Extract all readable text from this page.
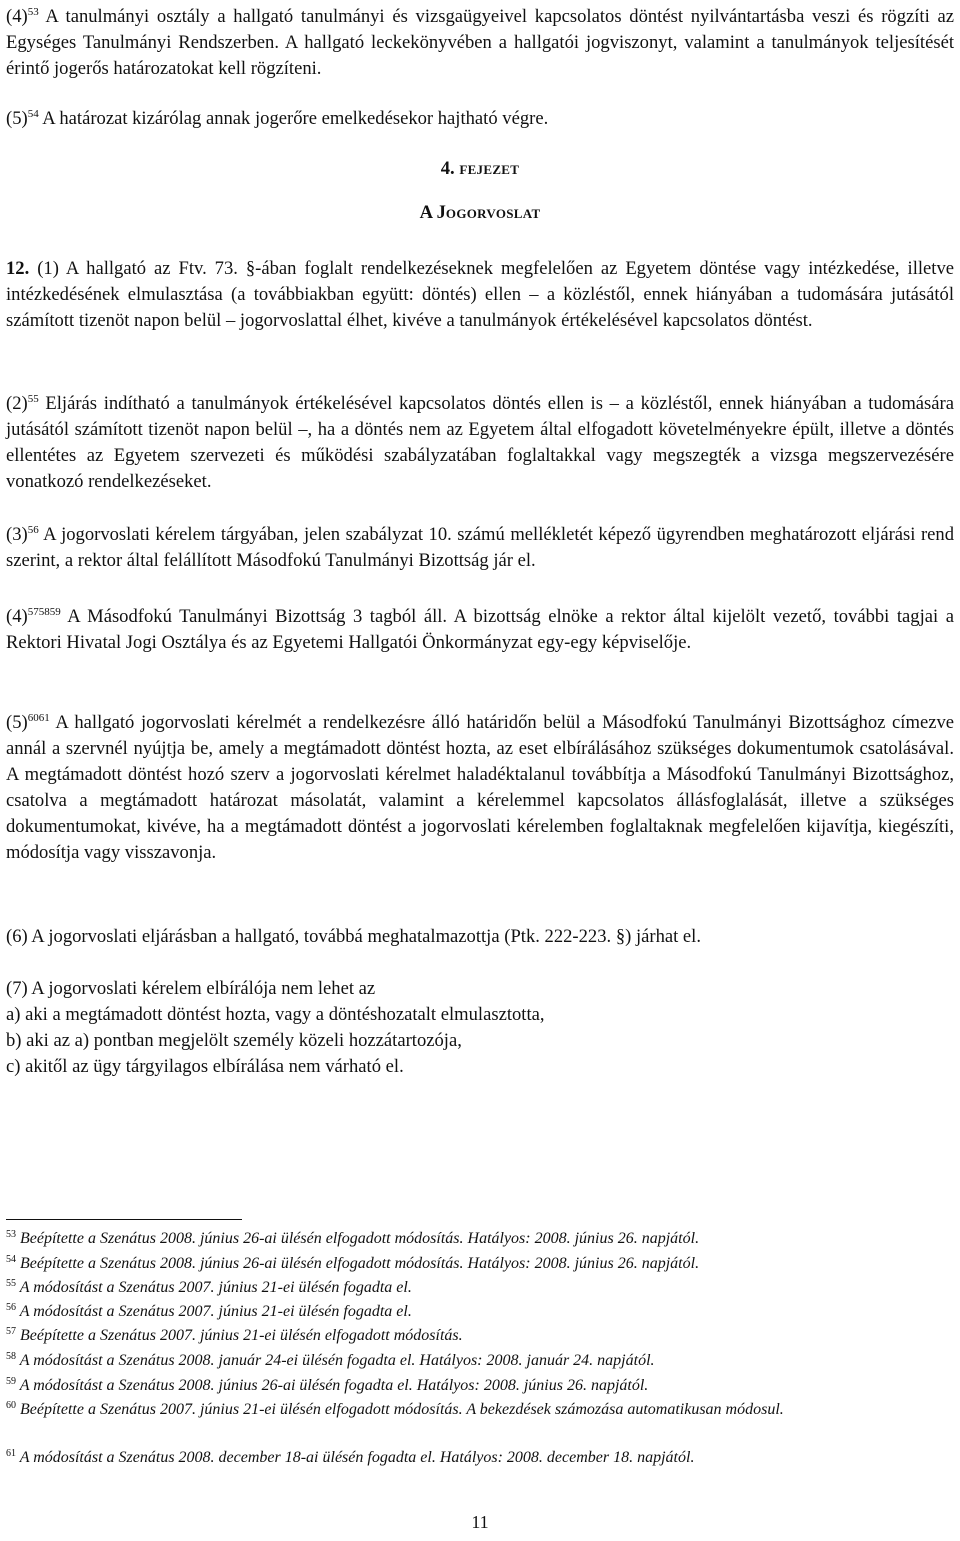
$(4)^{53}$ A tanulmányi osztály a hallgató tanulmányi és vizsgaügyeivel kapcsolatos döntést nyilvántartásba veszi és rögzíti az Egységes Tanulmányi Rendszerben. A hallgató leckekönyvében a hallgatói jogviszonyt, valamint a tanulmányok teljesítését érintő jogerős határozatokat kell rögzíteni.

$(5)^{54}$ A határozat kizárólag annak jogerőre emelkedésekor hajtható végre.

4. FEJEZET
A JOGORVOSLAT

12. (1) A hallgató az Ftv. 73. §-ában foglalt rendelkezéseknek megfelelően az Egyetem döntése vagy intézkedése, illetve intézkedésének elmulasztása (a továbbiakban együtt: döntés) ellen – a közléstől, ennek hiányában a tudomására jutásától számított tizenöt napon belül – jogorvoslattal élhet, kivéve a tanulmányok értékelésével kapcsolatos döntést.

$(2)^{55}$ Eljárás indítható a tanulmányok értékelésével kapcsolatos döntés ellen is – a közléstől, ennek hiányában a tudomására jutásától számított tizenöt napon belül –, ha a döntés nem az Egyetem által elfogadott követelményekre épült, illetve a döntés ellentétes az Egyetem szervezeti és működési szabályzatában foglaltakkal vagy megszegték a vizsga megszervezésére vonatkozó rendelkezéseket.

$(3)^{56}$ A jogorvoslati kérelem tárgyában, jelen szabályzat 10. számú mellékletét képező ügyrendben meghatározott eljárási rend szerint, a rektor által felállított Másodfokú Tanulmányi Bizottság jár el.

$(4)^{575859}$ A Másodfokú Tanulmányi Bizottság 3 tagból áll. A bizottság elnöke a rektor által kijelölt vezető, további tagjai a Rektori Hivatal Jogi Osztálya és az Egyetemi Hallgatói Önkormányzat egy-egy képviselője.

$(5)^{6061}$ A hallgató jogorvoslati kérelmét a rendelkezésre álló határidőn belül a Másodfokú Tanulmányi Bizottsághoz címezve annál a szervnél nyújtja be, amely a megtámadott döntést hozta, az eset elbírálásához szükséges dokumentumok csatolásával. A megtámadott döntést hozó szerv a jogorvoslati kérelmet haladéktalanul továbbítja a Másodfokú Tanulmányi Bizottsághoz, csatolva a megtámadott határozat másolatát, valamint a kérelemmel kapcsolatos állásfoglalását, illetve a szükséges dokumentumokat, kivéve, ha a megtámadott döntést a jogorvoslati kérelemben foglaltaknak megfelelően kijavítja, kiegészíti, módosítja vagy visszavonja.

(6) A jogorvoslati eljárásban a hallgató, továbbá meghatalmazottja (Ptk. 222-223. §) járhat el.

(7) A jogorvoslati kérelem elbírálója nem lehet az
a) aki a megtámadott döntést hozta, vagy a döntéshozatalt elmulasztotta,
b) aki az a) pontban megjelölt személy közeli hozzátartozója,
c) akitől az ügy tárgyilagos elbírálása nem várható el.

$^{53}$ Beépítette a Szenátus 2008. június 26-ai ülésén elfogadott módosítás. Hatályos: 2008. június 26. napjától.

$^{54}$ Beépítette a Szenátus 2008. június 26-ai ülésén elfogadott módosítás. Hatályos: 2008. június 26. napjától.

$^{55}$ A módosítást a Szenátus 2007. június 21-ei ülésén fogadta el.

$^{56}$ A módosítást a Szenátus 2007. június 21-ei ülésén fogadta el.

$^{57}$ Beépítette a Szenátus 2007. június 21-ei ülésén elfogadott módosítás.

$^{58}$ A módosítást a Szenátus 2008. január 24-ei ülésén fogadta el. Hatályos: 2008. január 24. napjától.

$^{59}$ A módosítást a Szenátus 2008. június 26-ai ülésén fogadta el. Hatályos: 2008. június 26. napjától.

$^{60}$ Beépítette a Szenátus 2007. június 21-ei ülésén elfogadott módosítás. A bekezdések számozása automatikusan módosul.

$^{61}$ A módosítást a Szenátus 2008. december 18-ai ülésén fogadta el. Hatályos: 2008. december 18. napjától.

11
